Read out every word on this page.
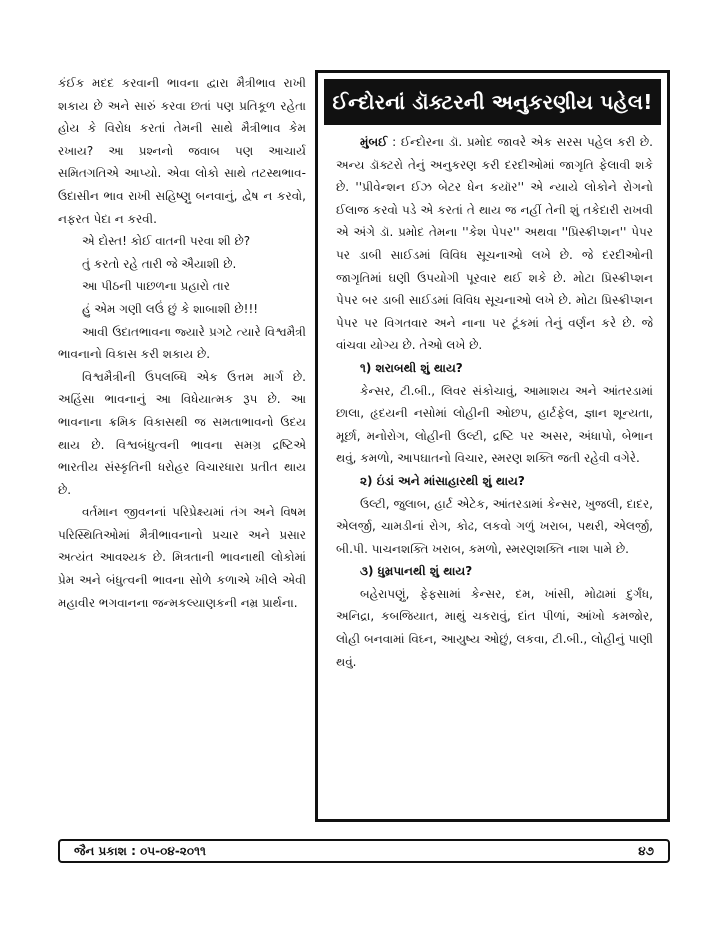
કંઈક મદદ કરવાની ભાવના દ્વારા મૈત્રીભાવ રાખી શકાય છે અને સારું કરવા છતાં પણ પ્રતિકૂળ રહેતા હોય કે વિરોધ કરતાં તેમની સાથે મૈત્રીભાવ કેમ રખાય? આ પ્રશ્નનો જવાબ પણ આચાર્ય સમિતગતિએ આપ્યો. એવા લોકો સાથે તટસ્થભાવ-ઉદાસીન ભાવ રાખી સહિષ્ણુ બનવાનું, દ્વેષ ન કરવો, નફરત પેદા ન કરવી.

એ દોસ્ત! કોઈ વાતની પરવા શી છે?

તું કરતો રહે તારી જે ઐયાશી છે.

આ પીઠની પાછળના પ્રહારો તાર

હું એમ ગણી લઉં છું કે શાબાશી છે!!!

આવી ઉદાતભાવના જ્યારે પ્રગટે ત્યારે વિશ્વમૈત્રી ભાવનાનો વિકાસ કરી શકાય છે.

વિશ્વમૈત્રીની ઉપલબ્ધિ એક ઉત્તમ માર્ગ છે. અહિંસા ભાવનાનું આ વિધેયાત્મક રૂપ છે. આ ભાવનાના ક્રમિક વિકાસથી જ સમતાભાવનો ઉદય થાય છે. વિશ્વબંધુત્વની ભાવના સમગ્ર દ્રષ્ટિએ ભારતીય સંસ્કૃતિની ધરોહર વિચારધારા પ્રતીત થાય છે.

વર્તમાન જીવનનાં પરિપ્રેક્ષ્યમાં તંગ અને વિષમ પરિસ્થિતિઓમાં મૈત્રીભાવનાનો પ્રચાર અને પ્રસાર અત્યંત આવશ્યક છે. મિત્રતાની ભાવનાથી લોકોમાં પ્રેમ અને બંધુત્વની ભાવના સોળે કળાએ ખીલે એવી મહાવીર ભગવાનના જન્મકલ્યાણકની નમ્ર પ્રાર્થના.

ઈન્દોરનાં ડૉક્ટરની અનુકરણીય પહેલ!

મુંબઈ : ઈન્દોરના ડૉ. પ્રમોદ જાવરે એક સરસ પહેલ કરી છે. અન્ય ડૉક્ટરો તેનું અનુકરણ કરી દરદીઓમાં જાગૃતિ ફેલાવી શકે છે. ''પ્રીવેન્શન ઈઝ બેટર ધેન કયૉર'' એ ન્યાયે લોકોને રોગનો ઈલાજ કરવો પડે એ કરતાં તે થાય જ નહીં તેની શું તકેદારી રાખવી એ અંગે ડૉ. પ્રમોદ તેમના ''કેશ પેપર'' અથવા ''પ્રિસ્ક્રીપ્શન'' પેપર પર ડાબી સાઈડમાં વિવિધ સૂચનાઓ લખે છે. જે દરદીઓની જાગૃતિમાં ઘણી ઉપયોગી પૂરવાર થઈ શકે છે. મોટા પ્રિસ્ક્રીપ્શન પેપર બર ડાબી સાઈડમાં વિવિધ સૂચનાઓ લખે છે. મોટા પ્રિસ્ક્રીપ્શન પેપર પર વિગતવાર અને નાના પર ટૂંકમાં તેનું વર્ણન કરે છે. જે વાંચવા યોગ્ય છે. તેઓ લખે છે.

૧) શરાબથી શું થાય?

કેન્સર, ટી.બી., લિવર સંકોચાવું, આમાશય અને આંતરડામાં છાલા, હૃદયની નસોમાં લોહીની ઓછપ, હાર્ટફેલ, જ્ઞાન શૂન્યતા, મૂર્છા, મનોરોગ, લોહીની ઉલ્ટી, દ્રષ્ટિ પર અસર, અંધાપો, બેભાન થવું, કમળો, આપઘાતનો વિચાર, સ્મરણ શક્તિ જતી રહેવી વગેરે.

૨) ઇંડાં અને માંસાહારથી શું થાય?

ઉલ્ટી, જુલાબ, હાર્ટ એટેક, આંતરડામાં કેન્સર, ખુજલી, દાદર, એલર્જી, ચામડીનાં રોગ, કોઢ, લકવો ગળું ખરાબ, પથરી, એલર્જી, બી.પી. પાચનશક્તિ ખરાબ, કમળો, સ્મરણશક્તિ નાશ પામે છે.

૩) ધુમ્રપાનથી શું થાય?

બહેરાપણું, ફેફસામાં કેન્સર, દમ, ખાંસી, મોઢામાં દુર્ગંધ, અનિદ્રા, કબજિયાત, માથું ચકરાવું, દાંત પીળાં, આંખો કમજોર, લોહી બનવામાં વિઘ્ન, આયુષ્ય ઓછું, લકવા, ટી.બી., લોહીનું પાણી થવું.

જૈન પ્રકાશ : ૦૫-૦૪-૨૦૧૧	૪૭
